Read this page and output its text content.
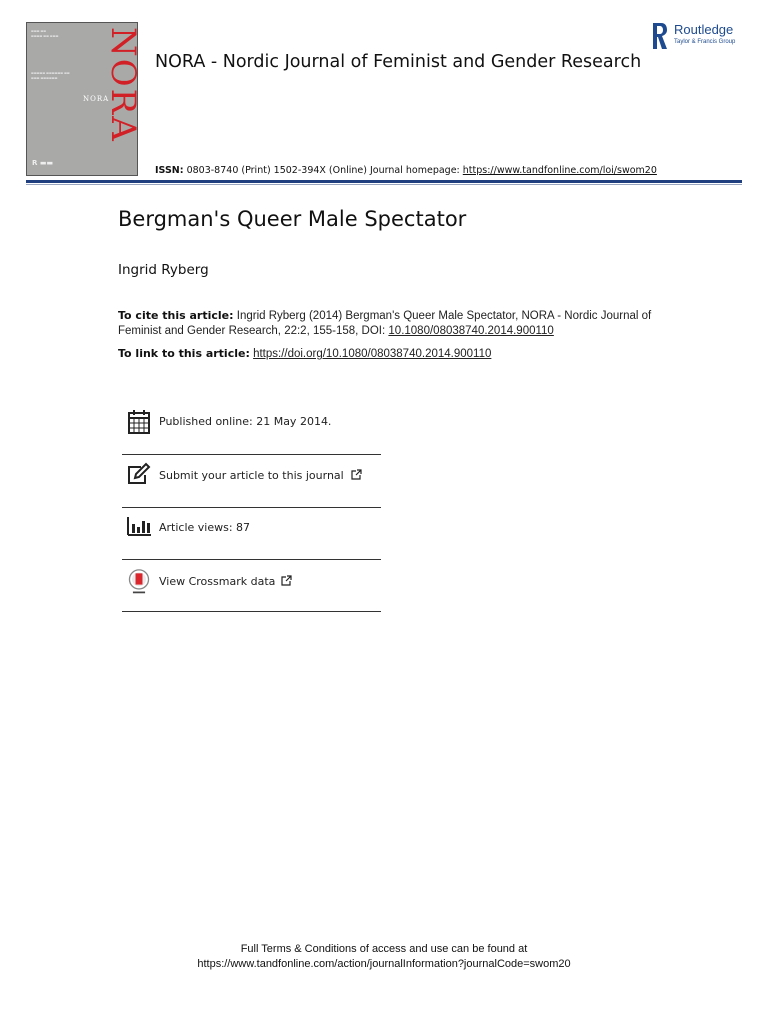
▬▬▬ ▬▬
▬▬▬▬ ▬▬ ▬▬▬
▬▬▬▬▬ ▬▬▬▬▬▬ ▬▬
▬▬▬ ▬▬▬▬▬▬	NORA
NORA
R ▬▬
NORA - Nordic Journal of Feminist and Gender Research
ISSN: 0803-8740 (Print) 1502-394X (Online) Journal homepage: https://www.tandfonline.com/loi/swom20
Routledge
Taylor & Francis Group
Bergman's Queer Male Spectator
Ingrid Ryberg
To cite this article: Ingrid Ryberg (2014) Bergman's Queer Male Spectator, NORA - Nordic Journal of Feminist and Gender Research, 22:2, 155-158, DOI: 10.1080/08038740.2014.900110
To link to this article: https://doi.org/10.1080/08038740.2014.900110
Published online: 21 May 2014.
Submit your article to this journal
Article views: 87
View Crossmark data
Full Terms & Conditions of access and use can be found at
https://www.tandfonline.com/action/journalInformation?journalCode=swom20
